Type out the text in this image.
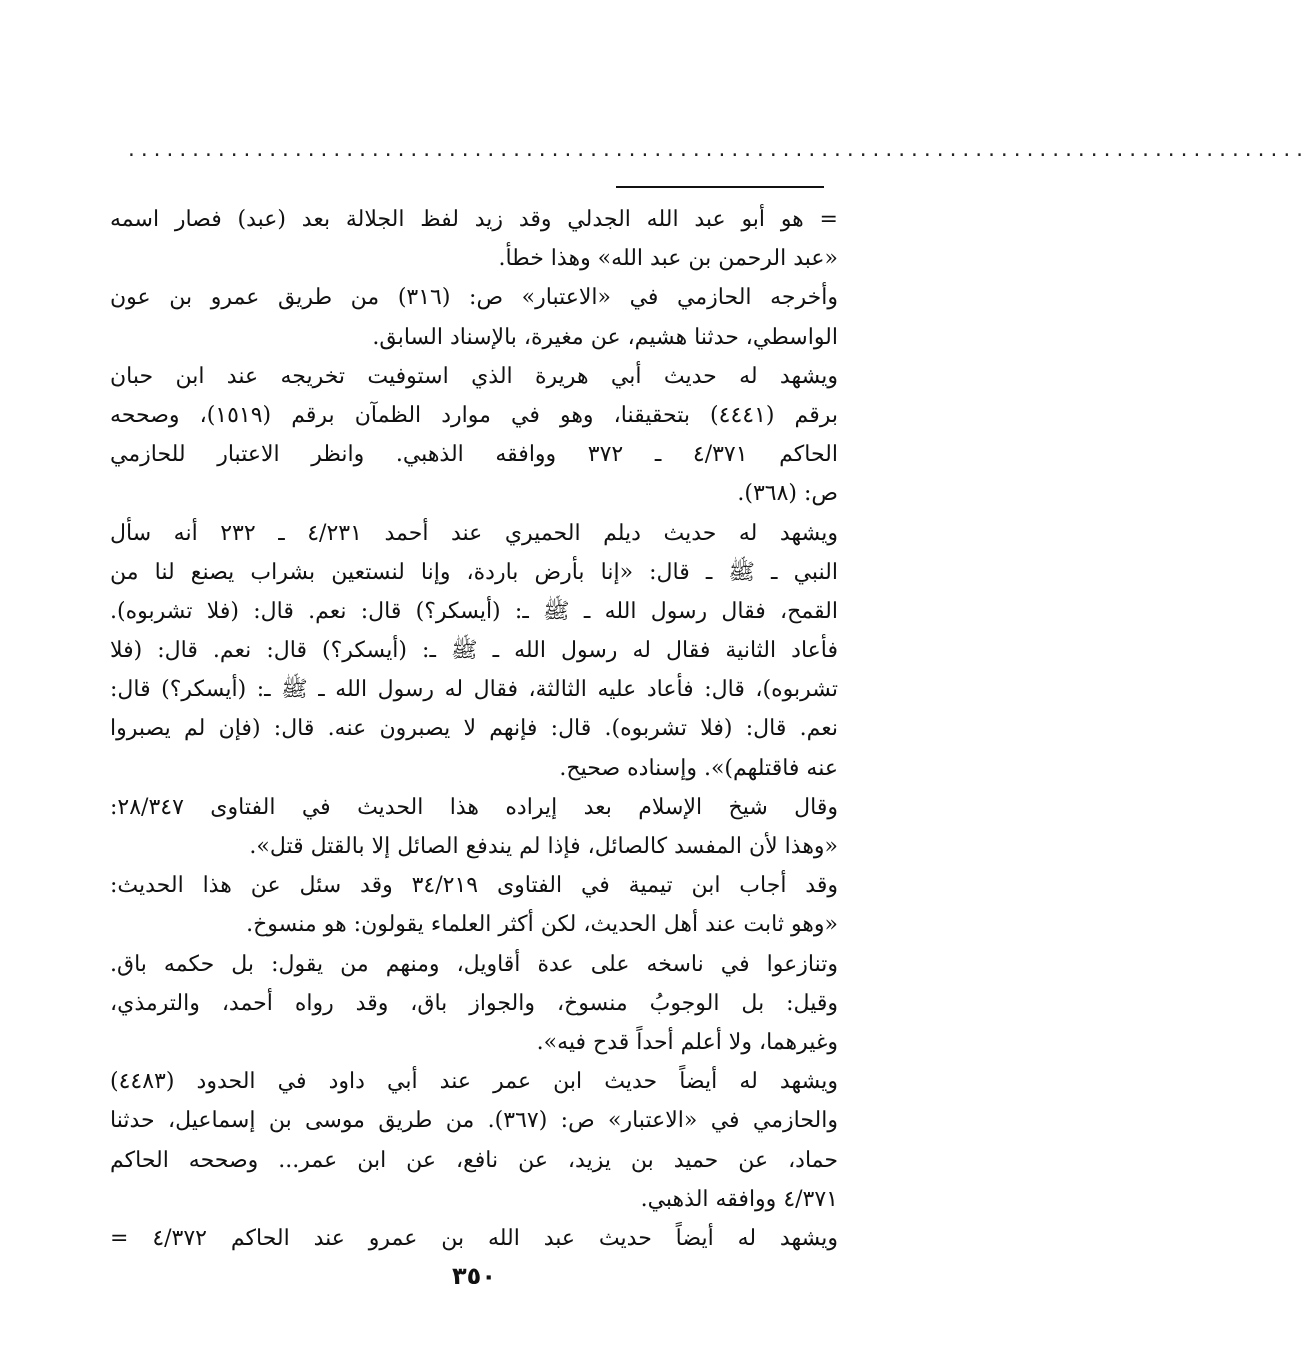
............................................................................................
= هو أبو عبد الله الجدلي وقد زيد لفظ الجلالة بعد (عبد) فصار اسمه
«عبد الرحمن بن عبد الله» وهذا خطأ.
وأخرجه الحازمي في «الاعتبار» ص: (٣١٦) من طريق عمرو بن عون
الواسطي، حدثنا هشيم، عن مغيرة، بالإسناد السابق.
ويشهد له حديث أبي هريرة الذي استوفيت تخريجه عند ابن حبان
برقم (٤٤٤١) بتحقيقنا، وهو في موارد الظمآن برقم (١٥١٩)، وصححه
الحاكم ٤/٣٧١ ـ ٣٧٢ ووافقه الذهبي. وانظر الاعتبار للحازمي
ص: (٣٦٨).
ويشهد له حديث ديلم الحميري عند أحمد ٤/٢٣١ ـ ٢٣٢ أنه سأل
النبي ـ ﷺ ـ قال: «إنا بأرض باردة، وإنا لنستعين بشراب يصنع لنا من
القمح، فقال رسول الله ـ ﷺ ـ: (أيسكر؟) قال: نعم. قال: (فلا تشربوه).
فأعاد الثانية فقال له رسول الله ـ ﷺ ـ: (أيسكر؟) قال: نعم. قال: (فلا
تشربوه)، قال: فأعاد عليه الثالثة، فقال له رسول الله ـ ﷺ ـ: (أيسكر؟) قال:
نعم. قال: (فلا تشربوه). قال: فإنهم لا يصبرون عنه. قال: (فإن لم يصبروا
عنه فاقتلهم)». وإسناده صحيح.
وقال شيخ الإسلام بعد إيراده هذا الحديث في الفتاوى ٢٨/٣٤٧:
«وهذا لأن المفسد كالصائل، فإذا لم يندفع الصائل إلا بالقتل قتل».
وقد أجاب ابن تيمية في الفتاوى ٣٤/٢١٩ وقد سئل عن هذا الحديث:
«وهو ثابت عند أهل الحديث، لكن أكثر العلماء يقولون: هو منسوخ.
وتنازعوا في ناسخه على عدة أقاويل، ومنهم من يقول: بل حكمه باق.
وقيل: بل الوجوبُ منسوخ، والجواز باق، وقد رواه أحمد، والترمذي،
وغيرهما، ولا أعلم أحداً قدح فيه».
ويشهد له أيضاً حديث ابن عمر عند أبي داود في الحدود (٤٤٨٣)
والحازمي في «الاعتبار» ص: (٣٦٧). من طريق موسى بن إسماعيل، حدثنا
حماد، عن حميد بن يزيد، عن نافع، عن ابن عمر... وصححه الحاكم
٤/٣٧١ ووافقه الذهبي.
ويشهد له أيضاً حديث عبد الله بن عمرو عند الحاكم ٤/٣٧٢ =
٣٥٠
